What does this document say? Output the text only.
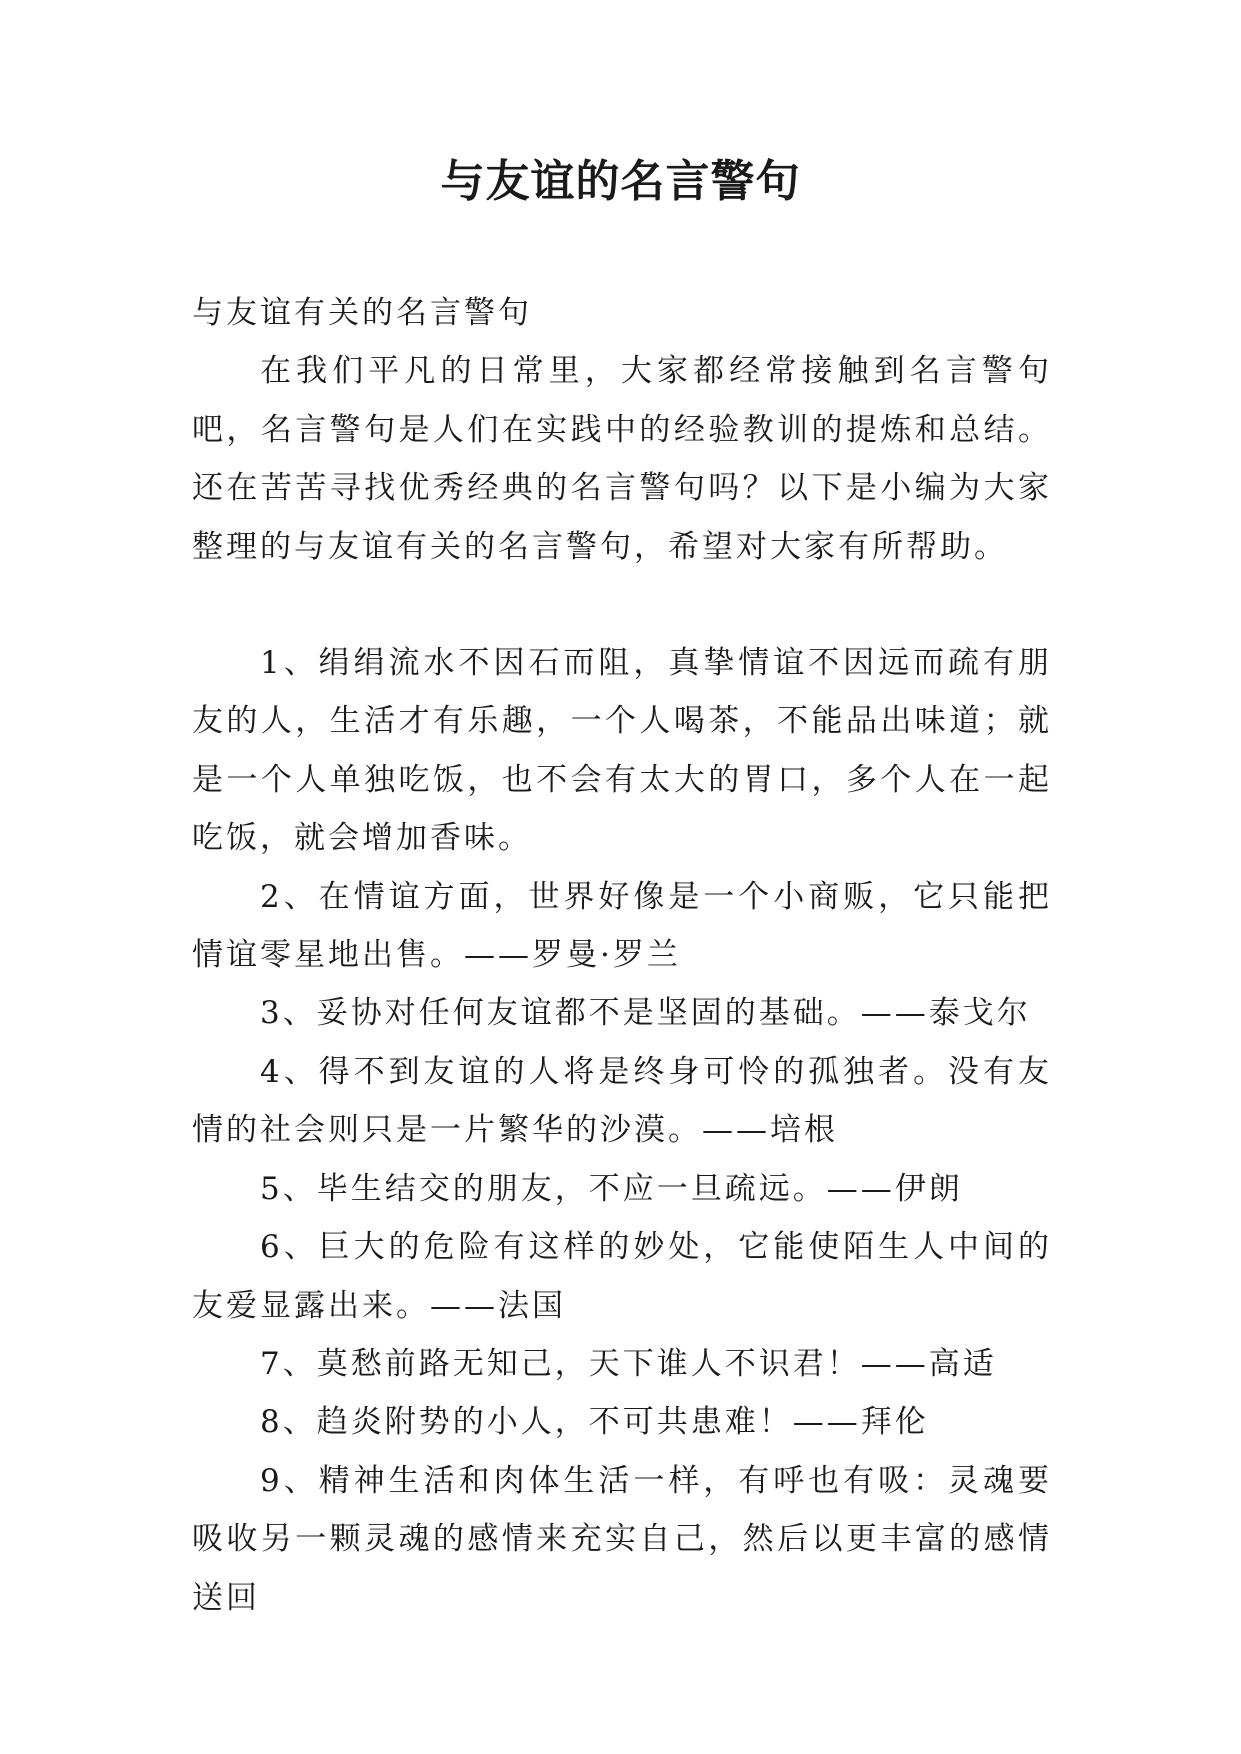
与友谊的名言警句

与友谊有关的名言警句

在我们平凡的日常里，大家都经常接触到名言警句吧，名言警句是人们在实践中的经验教训的提炼和总结。还在苦苦寻找优秀经典的名言警句吗？以下是小编为大家整理的与友谊有关的名言警句，希望对大家有所帮助。

1、绢绢流水不因石而阻，真挚情谊不因远而疏有朋友的人，生活才有乐趣，一个人喝茶，不能品出味道；就是一个人单独吃饭，也不会有太大的胃口，多个人在一起吃饭，就会增加香味。

2、在情谊方面，世界好像是一个小商贩，它只能把情谊零星地出售。——罗曼·罗兰

3、妥协对任何友谊都不是坚固的基础。——泰戈尔

4、得不到友谊的人将是终身可怜的孤独者。没有友情的社会则只是一片繁华的沙漠。——培根

5、毕生结交的朋友，不应一旦疏远。——伊朗

6、巨大的危险有这样的妙处，它能使陌生人中间的友爱显露出来。——法国

7、莫愁前路无知己，天下谁人不识君！——高适

8、趋炎附势的小人，不可共患难！——拜伦

9、精神生活和肉体生活一样，有呼也有吸：灵魂要吸收另一颗灵魂的感情来充实自己，然后以更丰富的感情送回
